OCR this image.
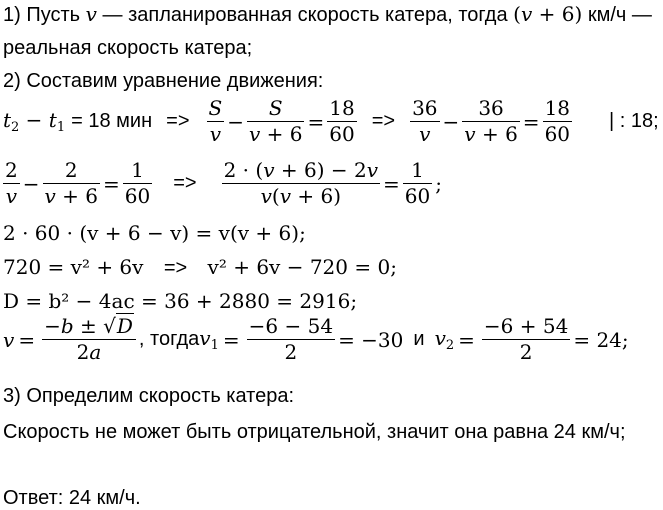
1) Пусть v — запланированная скорость катера, тогда (v + 6) км/ч —
реальная скорость катера;
2) Составим уравнение движения:
$t_2 - t_1 = 18$ мин => $\frac{S}{v} - \frac{S}{v + 6} = \frac{18}{60} => \frac{36}{v} - \frac{36}{v + 6} = \frac{18}{60}$ | : 18;
$\frac{2}{v} - \frac{2}{v + 6} = \frac{1}{60} => \frac{2 \cdot (v + 6) - 2v}{v(v + 6)} = \frac{1}{60}$ ;
2 · 60 · (v + 6 − v) = v(v + 6);
720 = v² + 6v => v² + 6v − 720 = 0;
D = b² − 4ac = 36 + 2880 = 2916;
$v = \frac{-b \pm √D}{2a}$ , тогда $v_1 = \frac{-6 - 54}{2} = -30$ и $v_2 = \frac{-6 + 54}{2} = 24$;
3) Определим скорость катера:
Скорость не может быть отрицательной, значит она равна 24 км/ч;
Ответ: 24 км/ч.
